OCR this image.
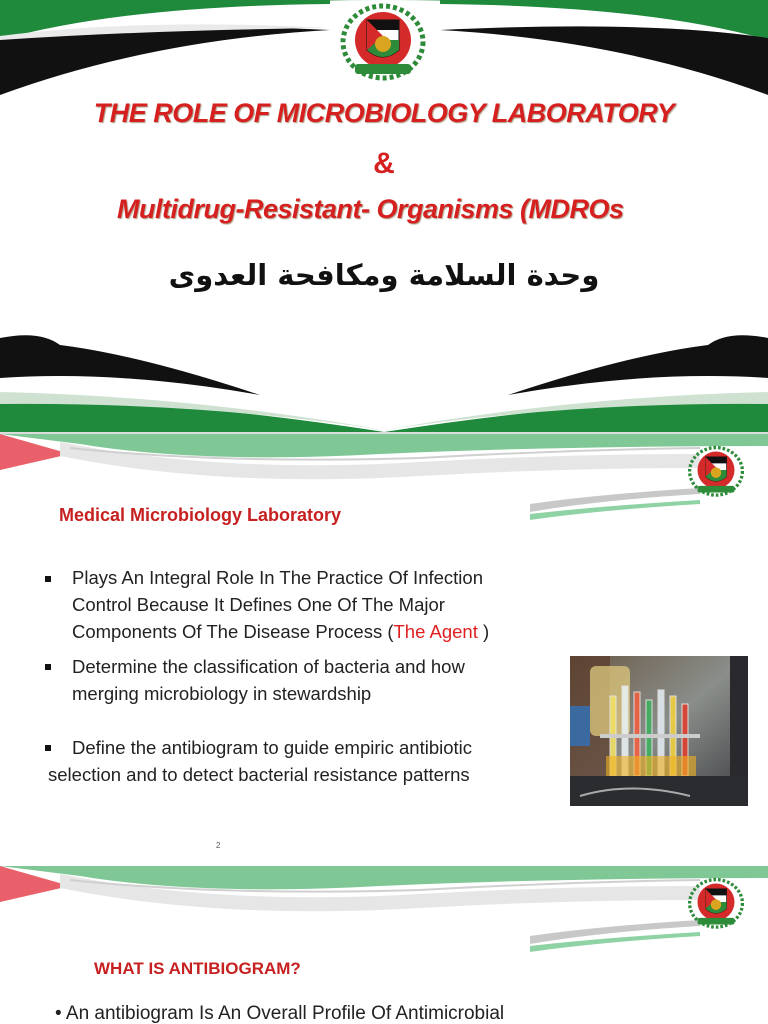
THE ROLE OF MICROBIOLOGY LABORATORY
&
Multidrug-Resistant- Organisms (MDROs
وحدة السلامة ومكافحة العدوى
Medical Microbiology Laboratory
Plays An Integral Role In The Practice Of Infection
Control Because It Defines One Of The Major
Components Of The Disease Process (The Agent )
Determine the classification of bacteria and how
merging microbiology in stewardship
Define the antibiogram to guide empiric antibiotic
selection and to detect bacterial resistance patterns
2
WHAT IS ANTIBIOGRAM?
• An antibiogram Is An Overall Profile Of Antimicrobial
